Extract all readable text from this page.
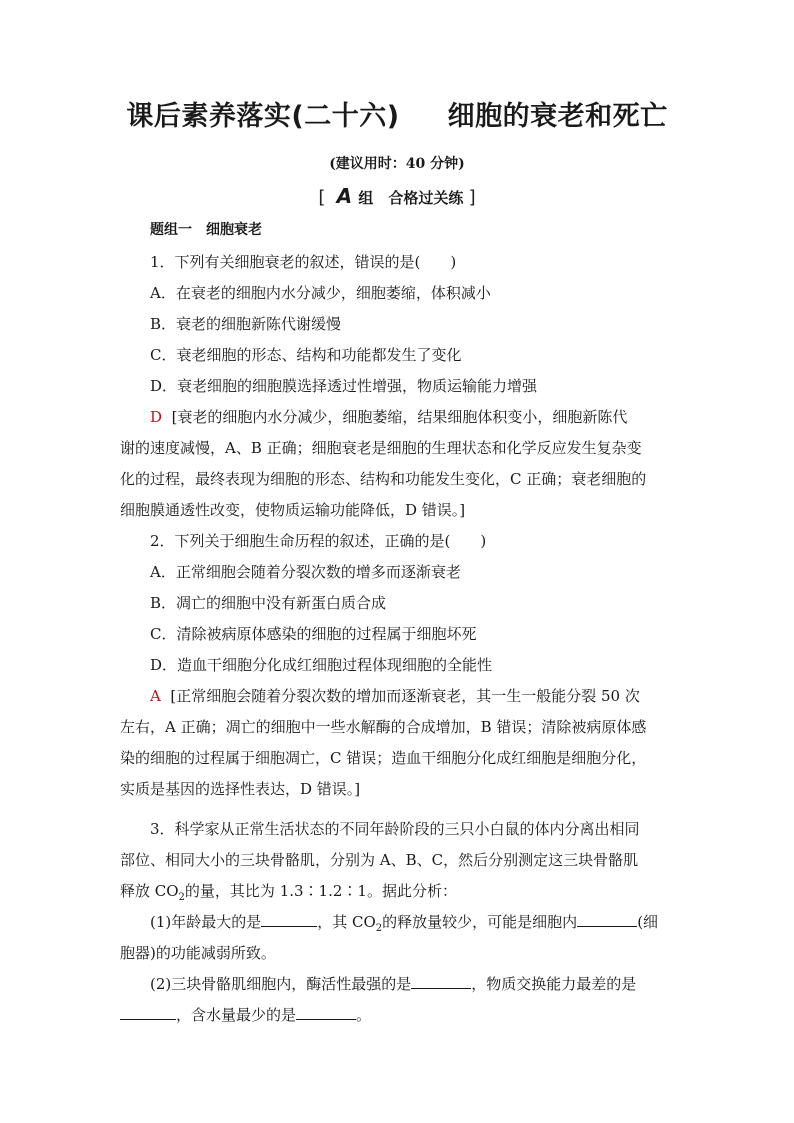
课后素养落实(二十六) 细胞的衰老和死亡
(建议用时：40 分钟)
[ A 组　合格过关练 ]
题组一　细胞衰老
1．下列有关细胞衰老的叙述，错误的是(　　)
A．在衰老的细胞内水分减少，细胞萎缩，体积减小
B．衰老的细胞新陈代谢缓慢
C．衰老细胞的形态、结构和功能都发生了变化
D．衰老细胞的细胞膜选择透过性增强，物质运输能力增强
D [衰老的细胞内水分减少，细胞萎缩，结果细胞体积变小，细胞新陈代
谢的速度减慢，A、B 正确；细胞衰老是细胞的生理状态和化学反应发生复杂变
化的过程，最终表现为细胞的形态、结构和功能发生变化，C 正确；衰老细胞的
细胞膜通透性改变，使物质运输功能降低，D 错误。]
2．下列关于细胞生命历程的叙述，正确的是(　　)
A．正常细胞会随着分裂次数的增多而逐渐衰老
B．凋亡的细胞中没有新蛋白质合成
C．清除被病原体感染的细胞的过程属于细胞坏死
D．造血干细胞分化成红细胞过程体现细胞的全能性
A [正常细胞会随着分裂次数的增加而逐渐衰老，其一生一般能分裂 50 次
左右，A 正确；凋亡的细胞中一些水解酶的合成增加，B 错误；清除被病原体感
染的细胞的过程属于细胞凋亡，C 错误；造血干细胞分化成红细胞是细胞分化，
实质是基因的选择性表达，D 错误。]
3．科学家从正常生活状态的不同年龄阶段的三只小白鼠的体内分离出相同
部位、相同大小的三块骨骼肌，分别为 A、B、C，然后分别测定这三块骨骼肌
释放 $CO_2$的量，其比为 1.3∶1.2∶1。据此分析：
(1)年龄最大的是	，其 $CO_2$的释放量较少，可能是细胞内	(细
胞器)的功能减弱所致。
(2)三块骨骼肌细胞内，酶活性最强的是	，物质交换能力最差的是
，含水量最少的是	。
